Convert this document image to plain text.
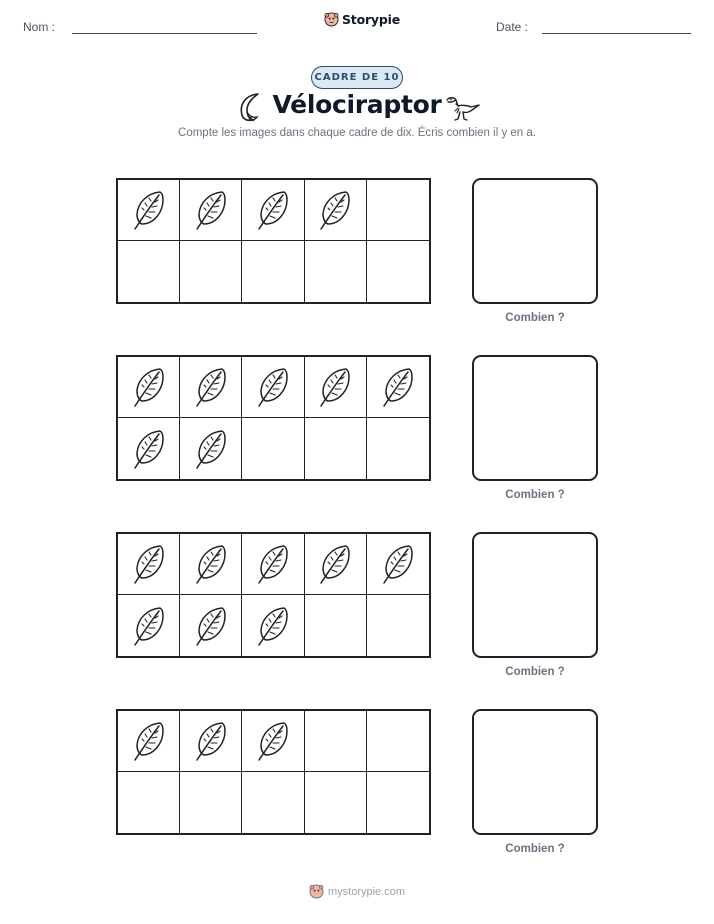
Nom :	Storypie	Date :
CADRE DE 10
Vélociraptor
Compte les images dans chaque cadre de dix. Écris combien il y en a.
Combien ?
Combien ?
Combien ?
Combien ?
mystorypie.com
